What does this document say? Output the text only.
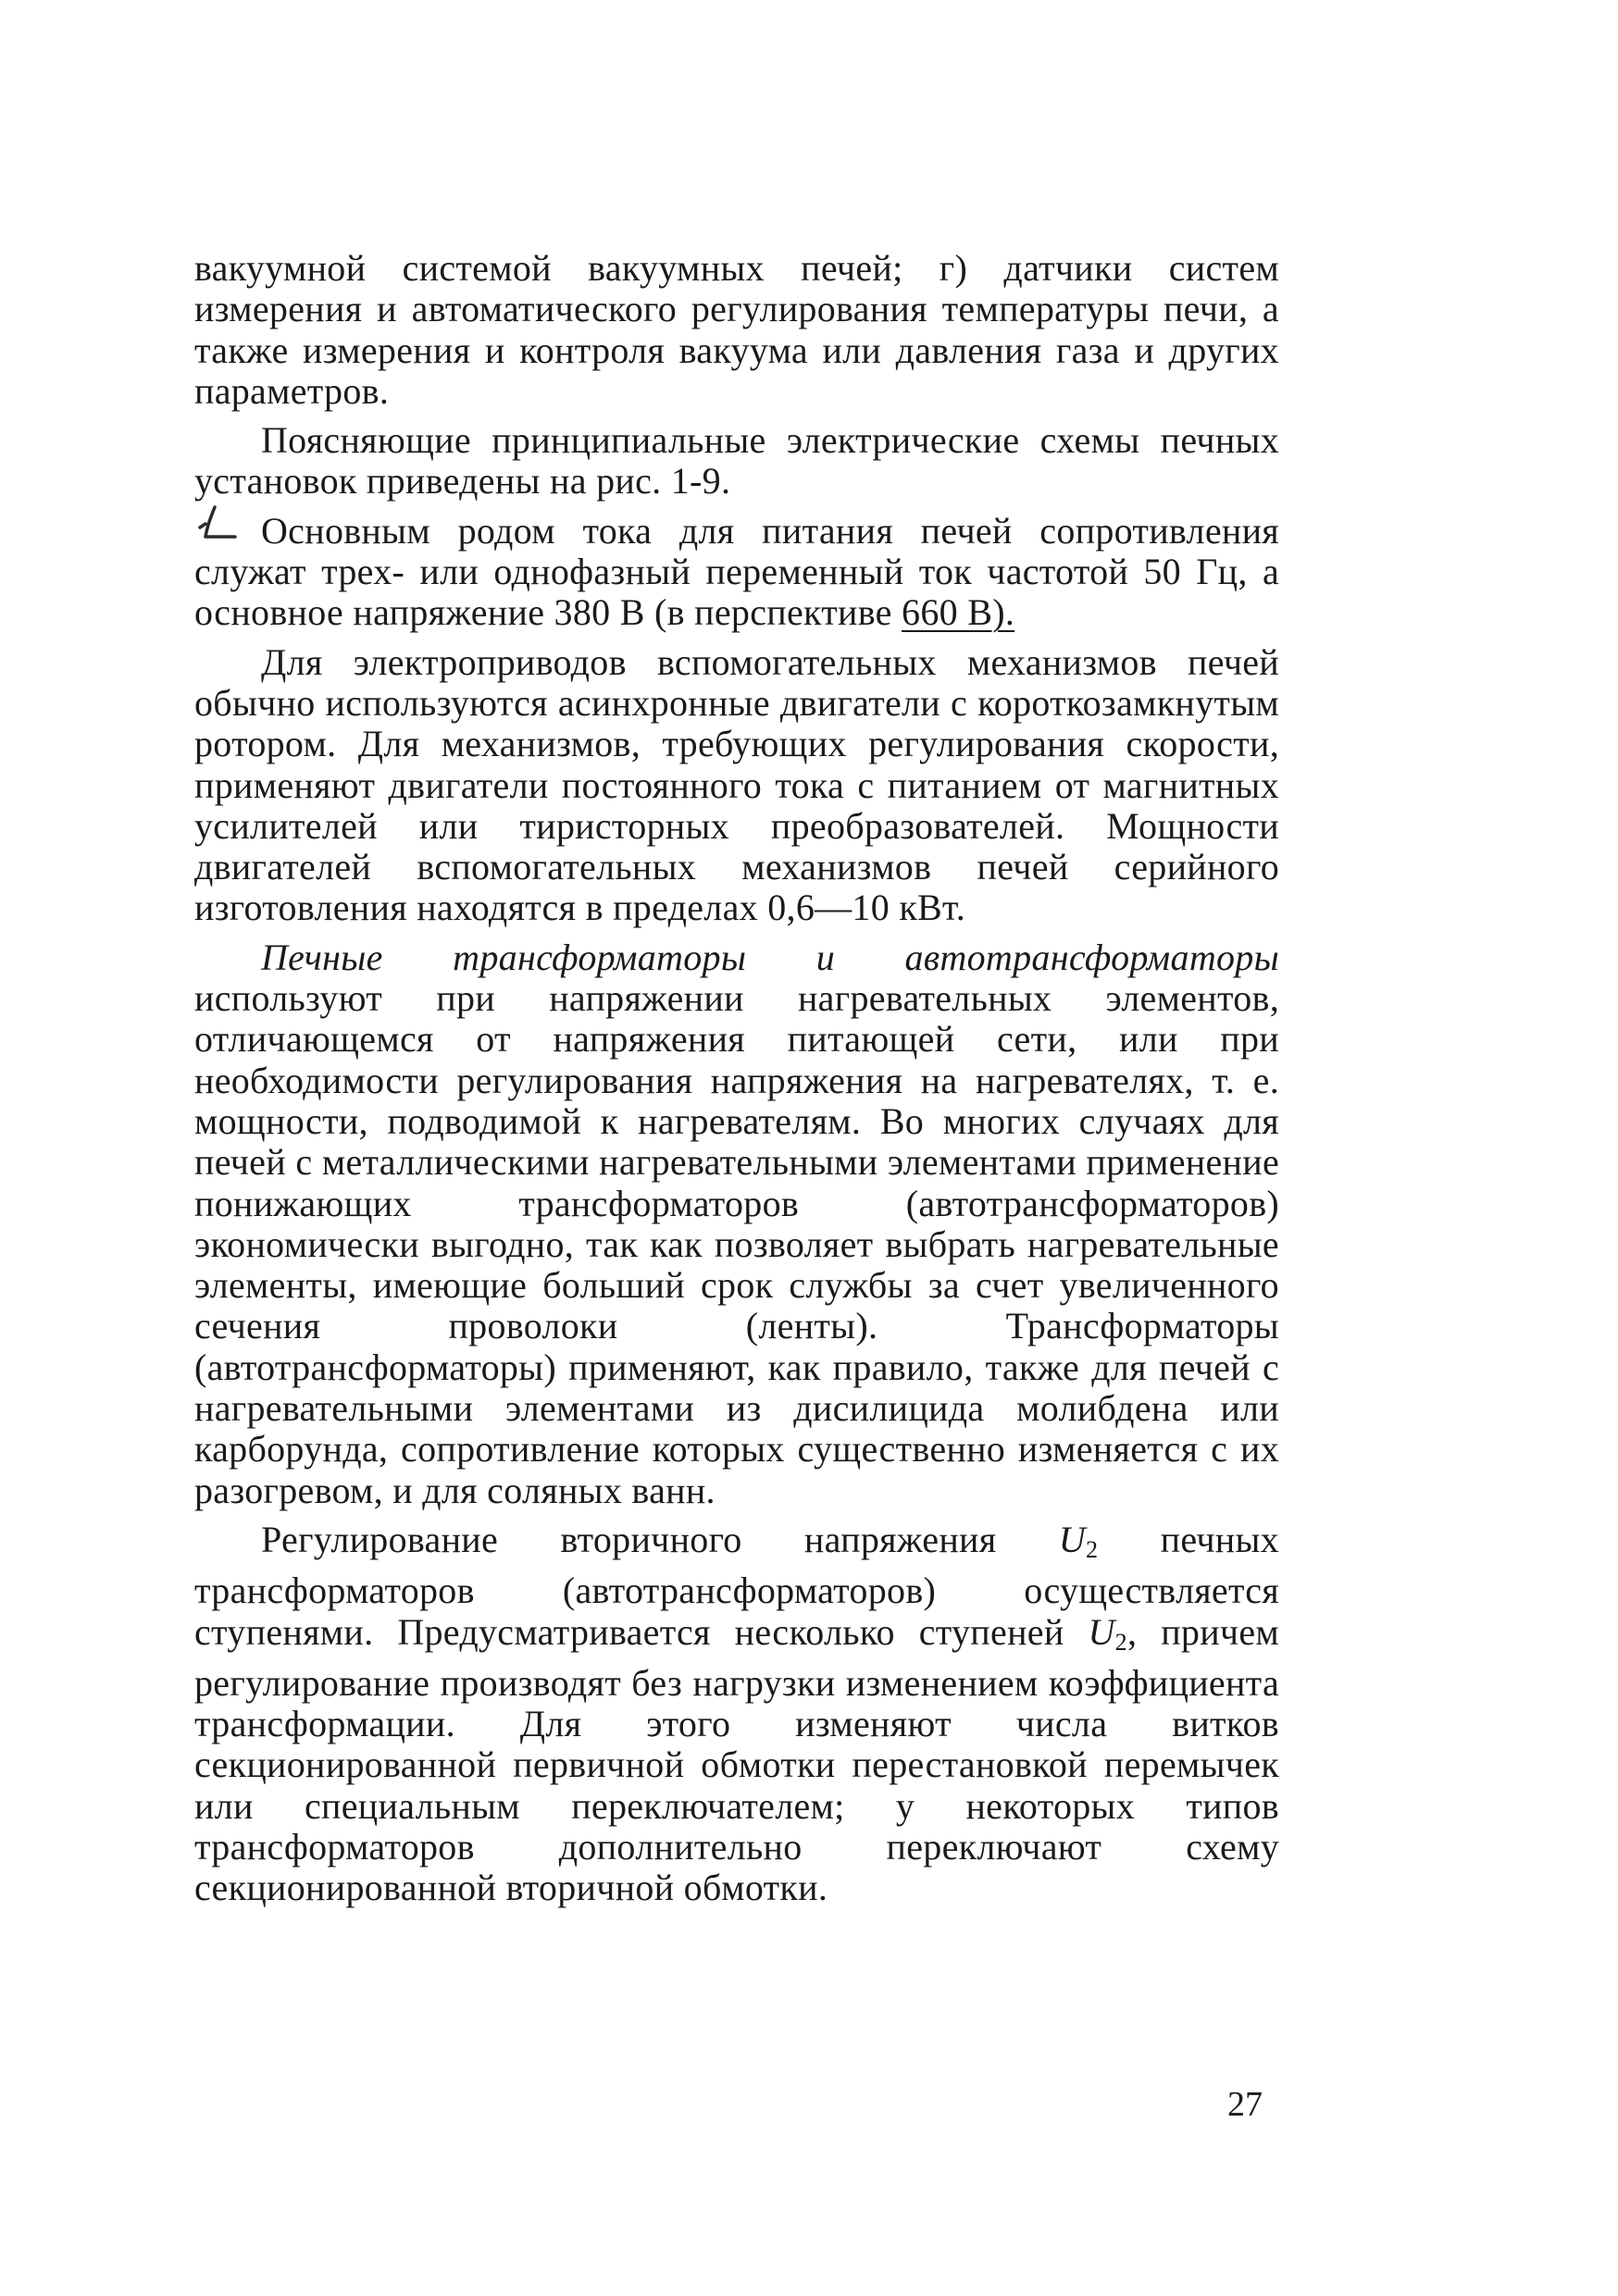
вакуумной системой вакуумных печей; г) датчики систем измерения и автоматического регулирования температуры печи, а также измерения и контроля вакуума или давления газа и других параметров.

Поясняющие принципиальные электрические схемы печных установок приведены на рис. 1-9.

Основным родом тока для питания печей сопротивления служат трех- или однофазный переменный ток частотой 50 Гц, а основное напряжение 380 В (в перспективе 660 В).

Для электроприводов вспомогательных механизмов печей обычно используются асинхронные двигатели с короткозамкнутым ротором. Для механизмов, требующих регулирования скорости, применяют двигатели постоянного тока с питанием от магнитных усилителей или тиристорных преобразователей. Мощности двигателей вспомогательных механизмов печей серийного изготовления находятся в пределах 0,6—10 кВт.

Печные трансформаторы и автотрансформаторы используют при напряжении нагревательных элементов, отличающемся от напряжения питающей сети, или при необходимости регулирования напряжения на нагревателях, т. е. мощности, подводимой к нагревателям. Во многих случаях для печей с металлическими нагревательными элементами применение понижающих трансформаторов (автотрансформаторов) экономически выгодно, так как позволяет выбрать нагревательные элементы, имеющие больший срок службы за счет увеличенного сечения проволоки (ленты). Трансформаторы (автотрансформаторы) применяют, как правило, также для печей с нагревательными элементами из дисилицида молибдена или карборунда, сопротивление которых существенно изменяется с их разогревом, и для соляных ванн.

Регулирование вторичного напряжения $U_2$ печных трансформаторов (автотрансформаторов) осуществляется ступенями. Предусматривается несколько ступеней $U_2$, причем регулирование производят без нагрузки изменением коэффициента трансформации. Для этого изменяют числа витков секционированной первичной обмотки перестановкой перемычек или специальным переключателем; у некоторых типов трансформаторов дополнительно переключают схему секционированной вторичной обмотки.

27
